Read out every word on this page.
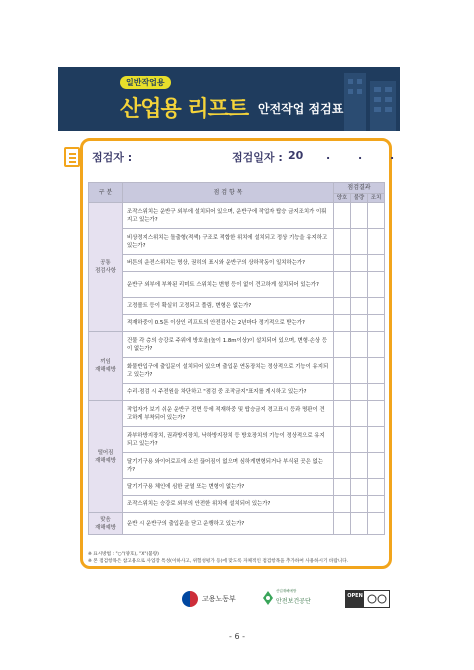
일반작업용
산업용 리프트 안전작업 점검표
점검자 :	점검일자 : 20 .	.	.
구 분	점 검 항 목	점검결과		
		양호	불량	조치
공통
점검사항	조작스위치는 운반구 외부에 설치되어 있으며, 운반구에 작업자 탑승 금지조치가 이뤄지고 있는가?			
	비상정지스위치는 돌출형(적색) 구조로 적합한 위치에 설치되고 정상 기능을 유지하고 있는가?			
	버튼의 운전스위치는 명상, 권히의 표시와 운반구의 상하작동이 일치하는가?			
	운반구 외부에 부착된 리미트 스위치는 변형 등이 없이 견고하게 설치되어 있는가?			
	고정볼트 등이 확실히 고정되고 풀림, 변형은 없는가?			
	적재하중이 0.5톤 이상인 리프트의 안전검사는 2년마다 정기적으로 받는가?			
끼임
재해예방	건물 각 층의 승강로 주위에 방호울(높이 1.8m이상)이 설치되어 있으며, 변형·손상 등이 없는가?			
	화물반입구에 출입문이 설치되어 있으며 출입문 연동장치는 정상적으로 기능이 유지되고 있는가?			
	수리·점검 시 주전원을 차단하고 "점검 중 조작금지"표지를 게시하고 있는가?			
떨어짐
재해예방	작업자가 보기 쉬운 운반구 전면 등에 적재하중 및 탑승금지 경고표시 등과 명판이 견고하게 부착되어 있는가?			
	과부하방지장치, 권과방지장치, 낙하방지장치 등 방호장치의 기능이 정상적으로 유지되고 있는가?			
	달기기구용 와이어로프에 소선 끊어짐이 없으며 심하게변형되거나 부식된 곳은 없는가?			
	달기기구용 체인에 심한 균열 또는 변형이 없는가?			
	조작스위치는 승강로 외부의 안전한 위치에 설치되어 있는가?			
맞음
재해예방	운반 시 운반구의 출입문을 닫고 운행하고 있는가?			
※ 표시방법 : "○"(양호), "X"(불량)
※ 본 점검항목은 참고용으로 사업장 특성(이하사고, 위험성평가 등)에 맞도록 자체적인 점검항목을 추가하여 사용하시기 바랍니다.
고용노동부
산업재해예방
안전보건공단
OPEN
- 6 -
